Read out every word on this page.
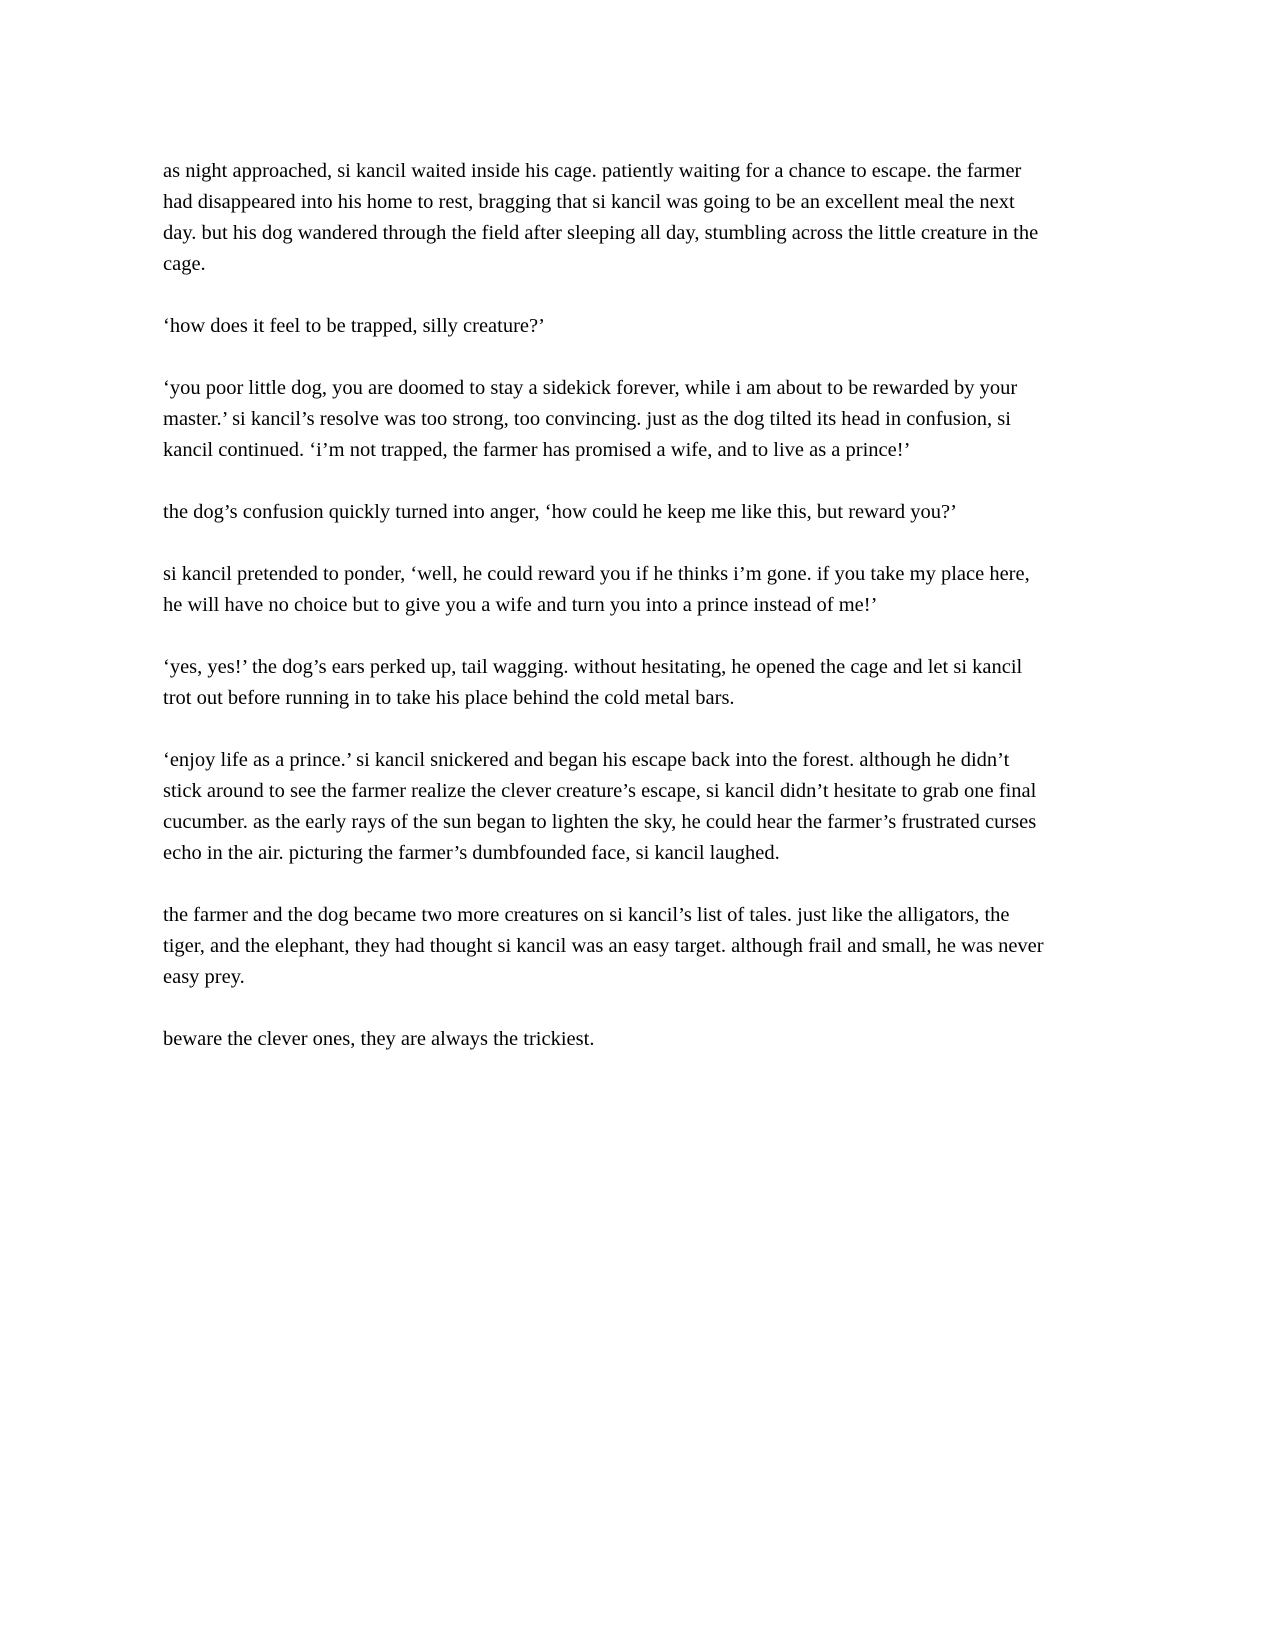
as night approached, si kancil waited inside his cage. patiently waiting for a chance to escape. the farmer had disappeared into his home to rest, bragging that si kancil was going to be an excellent meal the next day. but his dog wandered through the field after sleeping all day, stumbling across the little creature in the cage.

‘how does it feel to be trapped, silly creature?’

‘you poor little dog, you are doomed to stay a sidekick forever, while i am about to be rewarded by your master.’ si kancil’s resolve was too strong, too convincing. just as the dog tilted its head in confusion, si kancil continued. ‘i’m not trapped, the farmer has promised a wife, and to live as a prince!’

the dog’s confusion quickly turned into anger, ‘how could he keep me like this, but reward you?’

si kancil pretended to ponder, ‘well, he could reward you if he thinks i’m gone. if you take my place here, he will have no choice but to give you a wife and turn you into a prince instead of me!’

‘yes, yes!’ the dog’s ears perked up, tail wagging. without hesitating, he opened the cage and let si kancil trot out before running in to take his place behind the cold metal bars.

‘enjoy life as a prince.’ si kancil snickered and began his escape back into the forest. although he didn’t stick around to see the farmer realize the clever creature’s escape, si kancil didn’t hesitate to grab one final cucumber. as the early rays of the sun began to lighten the sky, he could hear the farmer’s frustrated curses echo in the air. picturing the farmer’s dumbfounded face, si kancil laughed.

the farmer and the dog became two more creatures on si kancil’s list of tales. just like the alligators, the tiger, and the elephant, they had thought si kancil was an easy target. although frail and small, he was never easy prey.

beware the clever ones, they are always the trickiest.
